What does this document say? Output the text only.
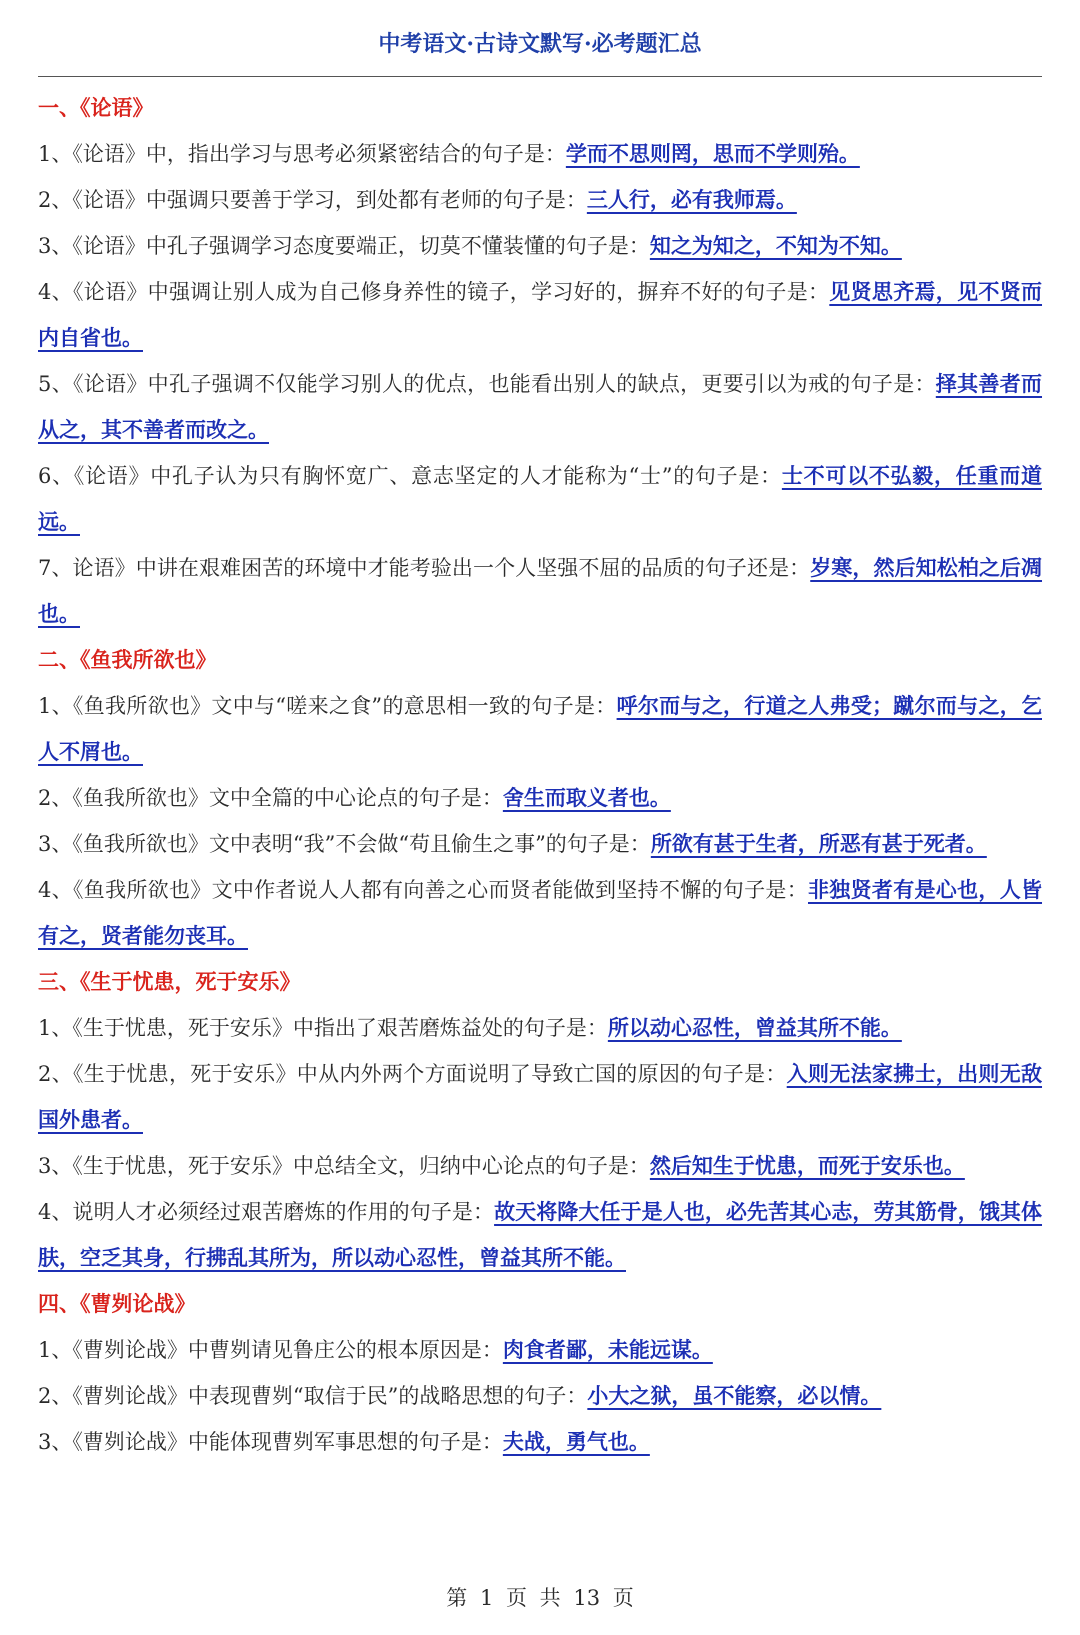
中考语文·古诗文默写·必考题汇总
一、《论语》
1、《论语》中，指出学习与思考必须紧密结合的句子是：学而不思则罔，思而不学则殆。
2、《论语》中强调只要善于学习，到处都有老师的句子是：三人行，必有我师焉。
3、《论语》中孔子强调学习态度要端正，切莫不懂装懂的句子是：知之为知之，不知为不知。
4、《论语》中强调让别人成为自己修身养性的镜子，学习好的，摒弃不好的句子是：见贤思齐焉，见不贤而内自省也。
5、《论语》中孔子强调不仅能学习别人的优点，也能看出别人的缺点，更要引以为戒的句子是：择其善者而从之，其不善者而改之。
6、《论语》中孔子认为只有胸怀宽广、意志坚定的人才能称为“士”的句子是：士不可以不弘毅，任重而道远。
7、论语》中讲在艰难困苦的环境中才能考验出一个人坚强不屈的品质的句子还是：岁寒，然后知松柏之后凋也。
二、《鱼我所欲也》
1、《鱼我所欲也》文中与“嗟来之食”的意思相一致的句子是：呼尔而与之，行道之人弗受；蹴尔而与之，乞人不屑也。
2、《鱼我所欲也》文中全篇的中心论点的句子是：舍生而取义者也。
3、《鱼我所欲也》文中表明“我”不会做“苟且偷生之事”的句子是：所欲有甚于生者，所恶有甚于死者。
4、《鱼我所欲也》文中作者说人人都有向善之心而贤者能做到坚持不懈的句子是：非独贤者有是心也，人皆有之，贤者能勿丧耳。
三、《生于忧患，死于安乐》
1、《生于忧患，死于安乐》中指出了艰苦磨炼益处的句子是：所以动心忍性，曾益其所不能。
2、《生于忧患，死于安乐》中从内外两个方面说明了导致亡国的原因的句子是：入则无法家拂士，出则无敌国外患者。
3、《生于忧患，死于安乐》中总结全文，归纳中心论点的句子是：然后知生于忧患，而死于安乐也。
4、说明人才必须经过艰苦磨炼的作用的句子是：故天将降大任于是人也，必先苦其心志，劳其筋骨，饿其体肤，空乏其身，行拂乱其所为，所以动心忍性，曾益其所不能。
四、《曹刿论战》
1、《曹刿论战》中曹刿请见鲁庄公的根本原因是：肉食者鄙，未能远谋。
2、《曹刿论战》中表现曹刿“取信于民”的战略思想的句子：小大之狱，虽不能察，必以情。
3、《曹刿论战》中能体现曹刿军事思想的句子是：夫战，勇气也。
第 1 页 共 13 页
